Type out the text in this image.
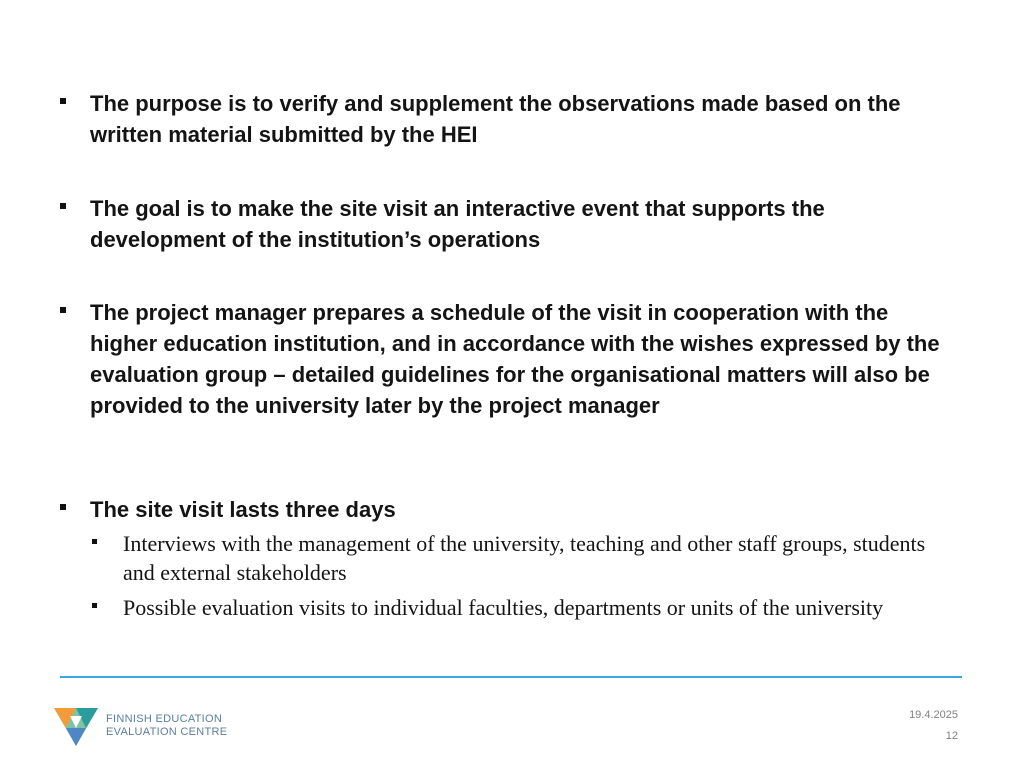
The purpose is to verify and supplement the observations made based on the written material submitted by the HEI
The goal is to make the site visit an interactive event that supports the development of the institution’s operations
The project manager prepares a schedule of the visit in cooperation with the higher education institution, and in accordance with the wishes expressed by the evaluation group – detailed guidelines for the organisational matters will also be provided to the university later by the project manager
The site visit lasts three days
Interviews with the management of the university, teaching and other staff groups, students and external stakeholders
Possible evaluation visits to individual faculties, departments or units of the university
FINNISH EDUCATION
EVALUATION CENTRE
19.4.2025
12
